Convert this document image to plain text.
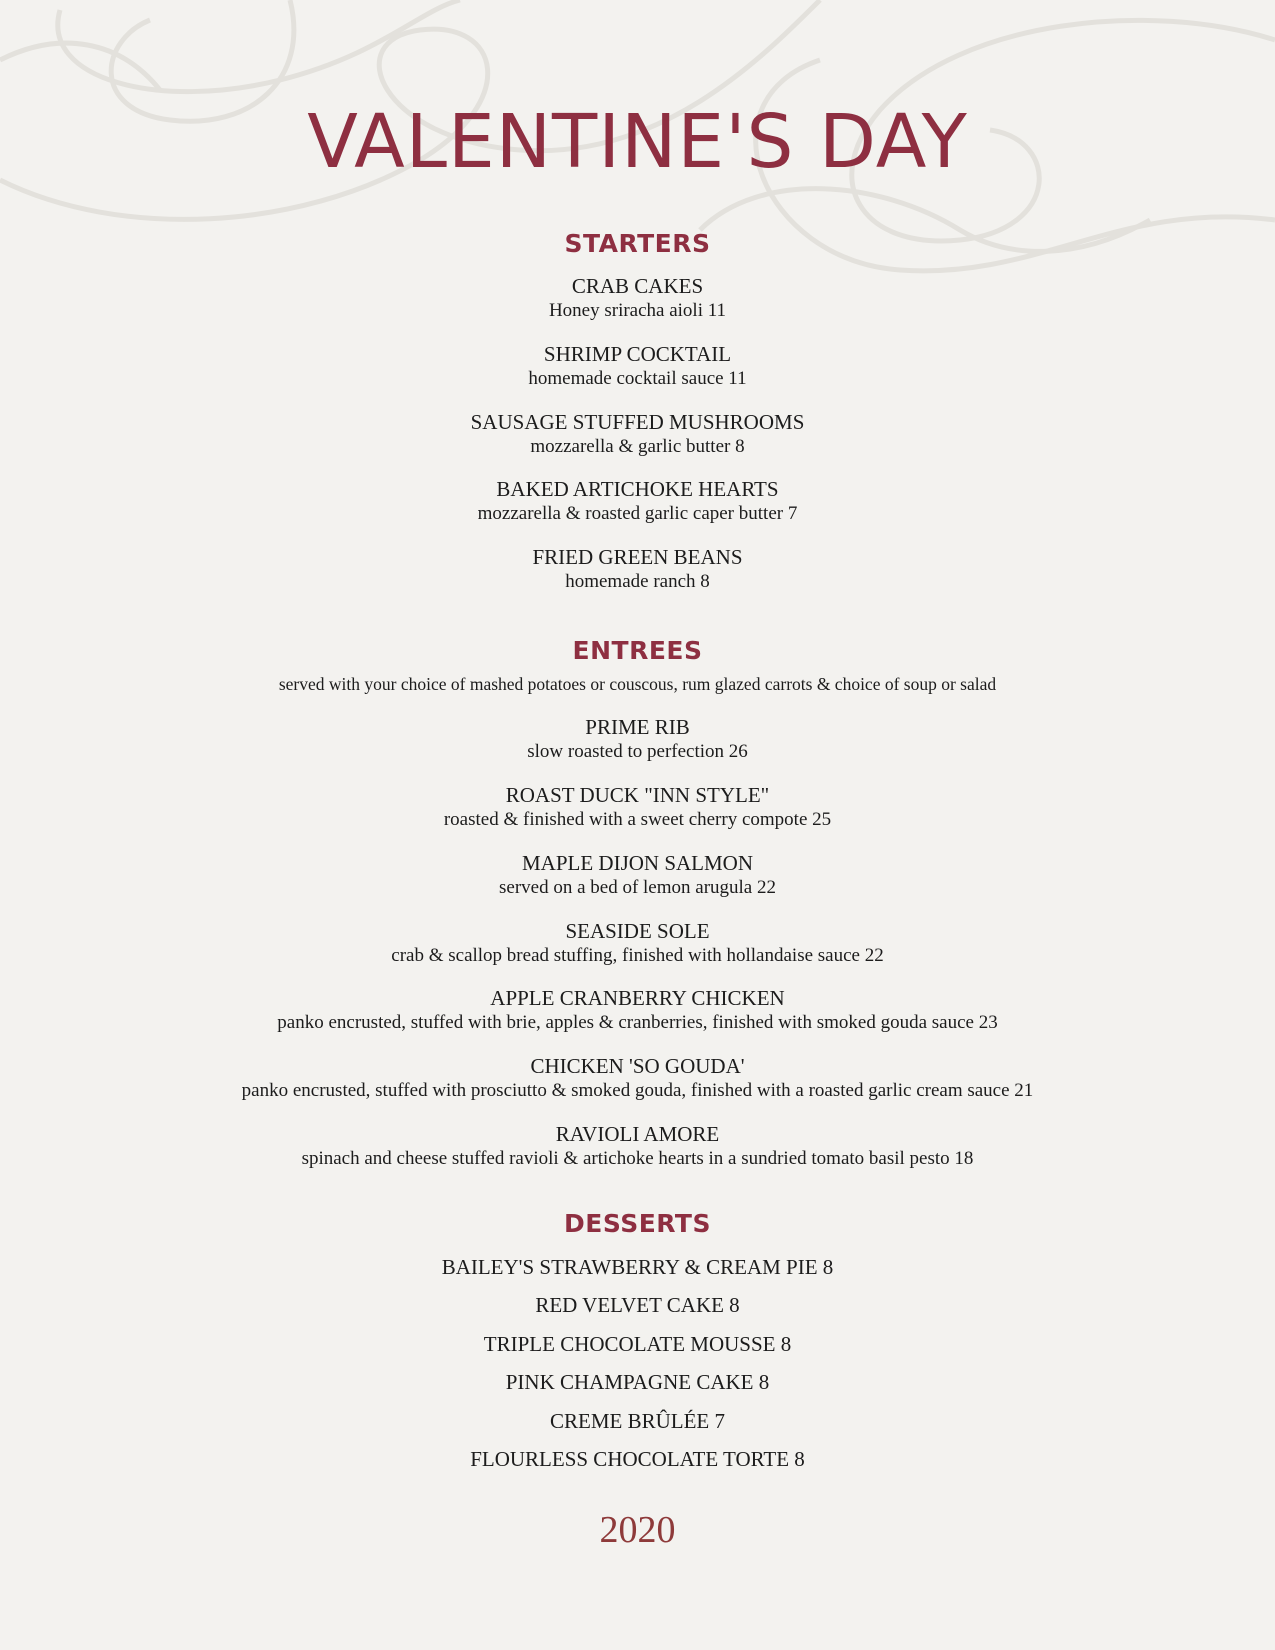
VALENTINE'S DAY
STARTERS

CRAB CAKES

Honey sriracha aioli 11

SHRIMP COCKTAIL

homemade cocktail sauce 11

SAUSAGE STUFFED MUSHROOMS

mozzarella & garlic butter 8

BAKED ARTICHOKE HEARTS

mozzarella & roasted garlic caper butter 7

FRIED GREEN BEANS

homemade ranch 8

ENTREES

served with your choice of mashed potatoes or couscous, rum glazed carrots & choice of soup or salad

PRIME RIB

slow roasted to perfection 26

ROAST DUCK "INN STYLE"

roasted & finished with a sweet cherry compote 25

MAPLE DIJON SALMON

served on a bed of lemon arugula 22

SEASIDE SOLE

crab & scallop bread stuffing, finished with hollandaise sauce 22

APPLE CRANBERRY CHICKEN

panko encrusted, stuffed with brie, apples & cranberries, finished with smoked gouda sauce 23

CHICKEN 'SO GOUDA'

panko encrusted, stuffed with prosciutto & smoked gouda, finished with a roasted garlic cream sauce 21

RAVIOLI AMORE

spinach and cheese stuffed ravioli & artichoke hearts in a sundried tomato basil pesto 18

DESSERTS

BAILEY'S STRAWBERRY & CREAM PIE 8

RED VELVET CAKE 8

TRIPLE CHOCOLATE MOUSSE 8

PINK CHAMPAGNE CAKE 8

CREME BRÛLÉE 7

FLOURLESS CHOCOLATE TORTE 8

2020
